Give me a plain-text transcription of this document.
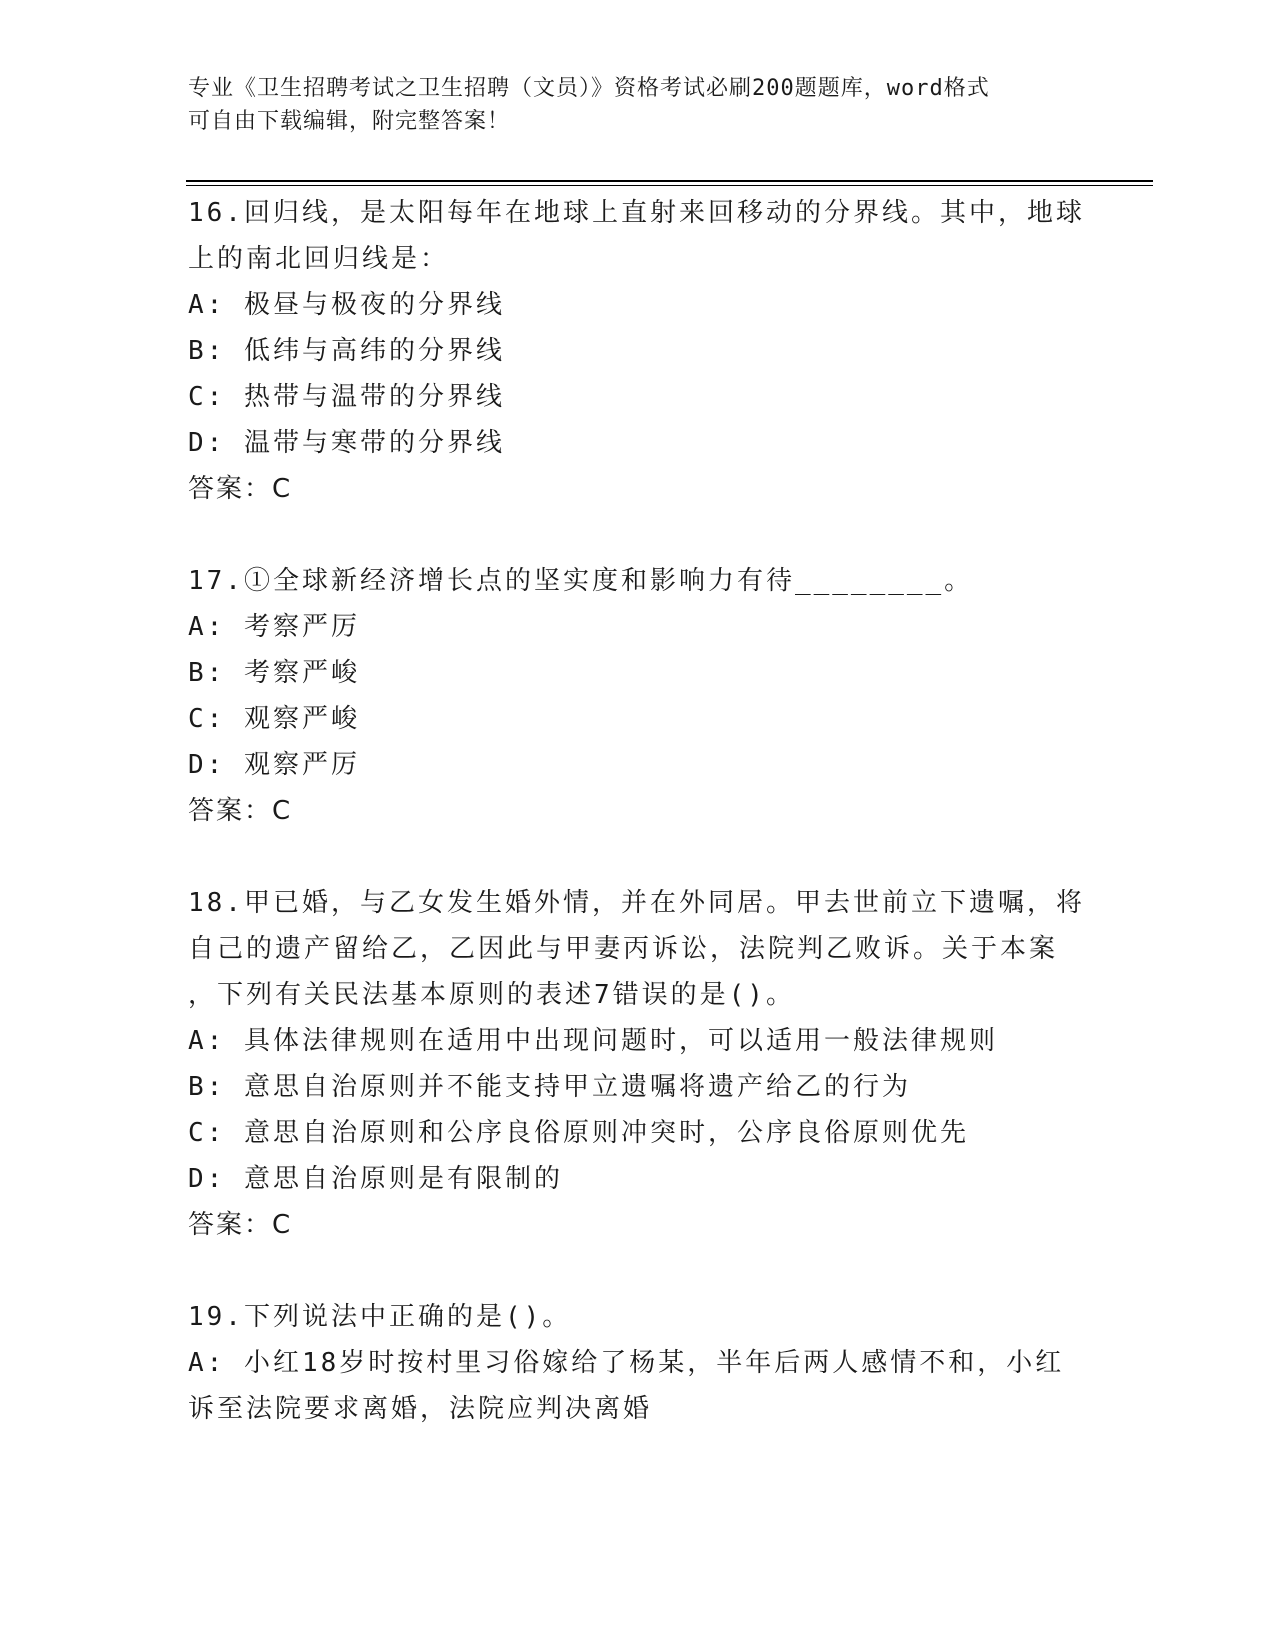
专业《卫生招聘考试之卫生招聘（文员）》资格考试必刷200题题库，word格式
可自由下载编辑，附完整答案！

16.回归线，是太阳每年在地球上直射来回移动的分界线。其中，地球

上的南北回归线是：

A: 极昼与极夜的分界线

B: 低纬与高纬的分界线

C: 热带与温带的分界线

D: 温带与寒带的分界线

答案：C

17.①全球新经济增长点的坚实度和影响力有待________。

A: 考察严厉

B: 考察严峻

C: 观察严峻

D: 观察严厉

答案：C

18.甲已婚，与乙女发生婚外情，并在外同居。甲去世前立下遗嘱，将

自己的遗产留给乙，乙因此与甲妻丙诉讼，法院判乙败诉。关于本案

，下列有关民法基本原则的表述7错误的是()。

A: 具体法律规则在适用中出现问题时，可以适用一般法律规则

B: 意思自治原则并不能支持甲立遗嘱将遗产给乙的行为

C: 意思自治原则和公序良俗原则冲突时，公序良俗原则优先

D: 意思自治原则是有限制的

答案：C

19.下列说法中正确的是()。

A: 小红18岁时按村里习俗嫁给了杨某，半年后两人感情不和，小红

诉至法院要求离婚，法院应判决离婚
